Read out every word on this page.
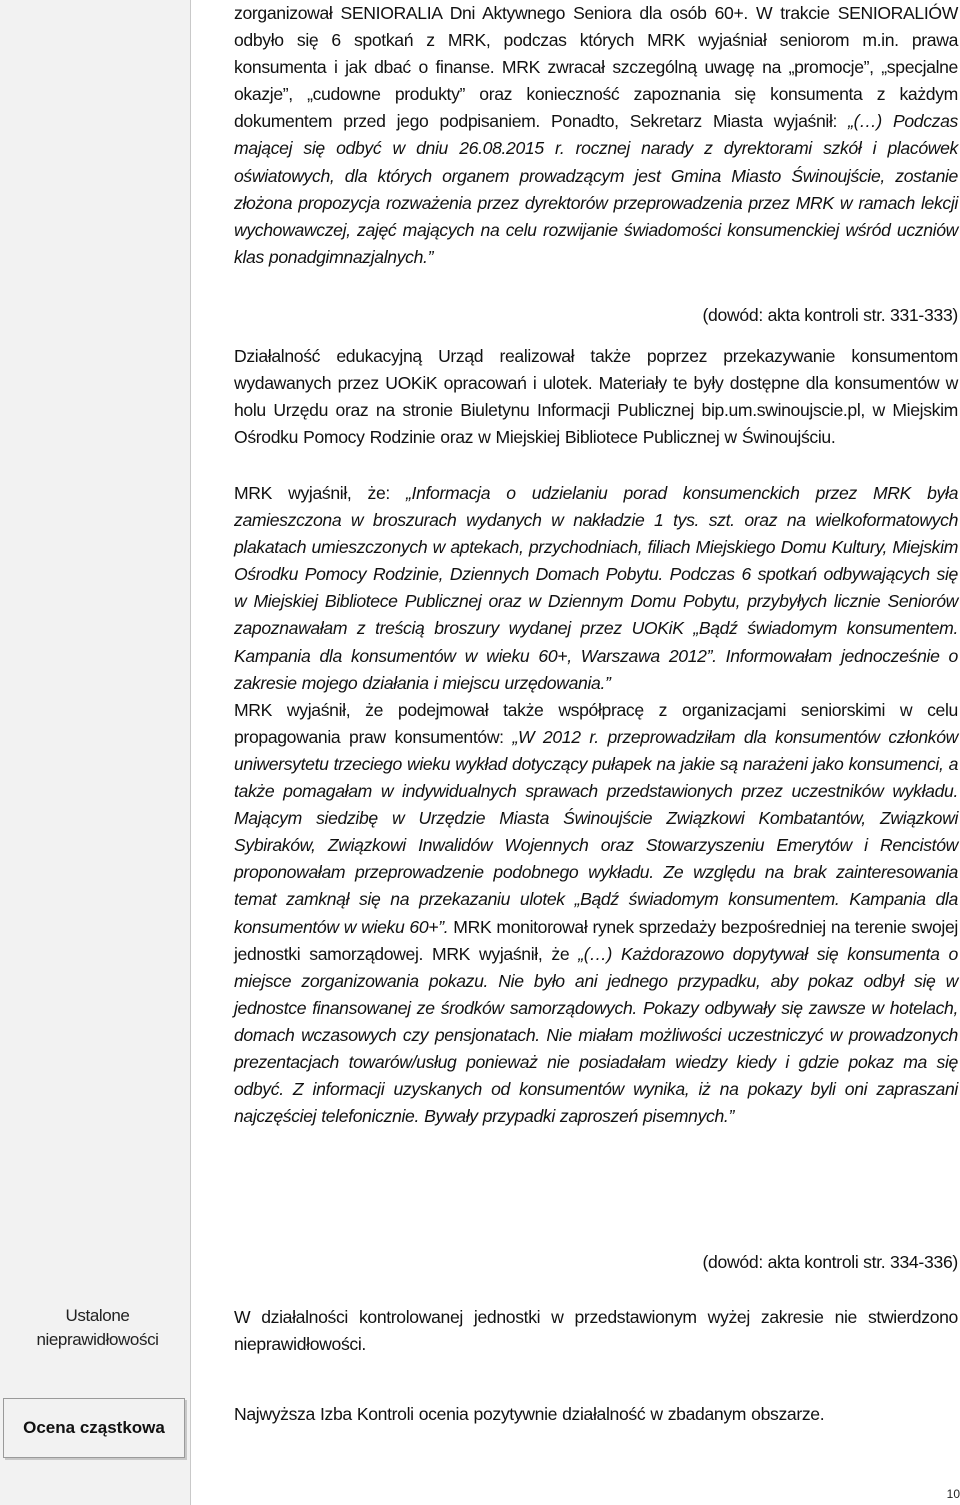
zorganizował SENIORALIA Dni Aktywnego Seniora dla osób 60+. W trakcie SENIORALIÓW odbyło się 6 spotkań z MRK, podczas których MRK wyjaśniał seniorom m.in. prawa konsumenta i jak dbać o finanse. MRK zwracał szczególną uwagę na „promocje”, „specjalne okazje”, „cudowne produkty” oraz konieczność zapoznania się konsumenta z każdym dokumentem przed jego podpisaniem. Ponadto, Sekretarz Miasta wyjaśnił: „(…) Podczas mającej się odbyć w dniu 26.08.2015 r. rocznej narady z dyrektorami szkół i placówek oświatowych, dla których organem prowadzącym jest Gmina Miasto Świnoujście, zostanie złożona propozycja rozważenia przez dyrektorów przeprowadzenia przez MRK w ramach lekcji wychowawczej, zajęć mających na celu rozwijanie świadomości konsumenckiej wśród uczniów klas ponadgimnazjalnych.”
(dowód: akta kontroli str. 331-333)
Działalność edukacyjną Urząd realizował także poprzez przekazywanie konsumentom wydawanych przez UOKiK opracowań i ulotek. Materiały te były dostępne dla konsumentów w holu Urzędu oraz na stronie Biuletynu Informacji Publicznej bip.um.swinoujscie.pl, w Miejskim Ośrodku Pomocy Rodzinie oraz w Miejskiej Bibliotece Publicznej w Świnoujściu.
MRK wyjaśnił, że: „Informacja o udzielaniu porad konsumenckich przez MRK była zamieszczona w broszurach wydanych w nakładzie 1 tys. szt. oraz na wielkoformatowych plakatach umieszczonych w aptekach, przychodniach, filiach Miejskiego Domu Kultury, Miejskim Ośrodku Pomocy Rodzinie, Dziennych Domach Pobytu. Podczas 6 spotkań odbywających się w Miejskiej Bibliotece Publicznej oraz w Dziennym Domu Pobytu, przybyłych licznie Seniorów zapoznawałam z treścią broszury wydanej przez UOKiK „Bądź świadomym konsumentem. Kampania dla konsumentów w wieku 60+, Warszawa 2012”. Informowałam jednocześnie o zakresie mojego działania i miejscu urzędowania.”
MRK wyjaśnił, że podejmował także współpracę z organizacjami seniorskimi w celu propagowania praw konsumentów: „W 2012 r. przeprowadziłam dla konsumentów członków uniwersytetu trzeciego wieku wykład dotyczący pułapek na jakie są narażeni jako konsumenci, a także pomagałam w indywidualnych sprawach przedstawionych przez uczestników wykładu. Mającym siedzibę w Urzędzie Miasta Świnoujście Związkowi Kombatantów, Związkowi Sybiraków, Związkowi Inwalidów Wojennych oraz Stowarzyszeniu Emerytów i Rencistów proponowałam przeprowadzenie podobnego wykładu. Ze względu na brak zainteresowania temat zamknął się na przekazaniu ulotek „Bądź świadomym konsumentem. Kampania dla konsumentów w wieku 60+”. MRK monitorował rynek sprzedaży bezpośredniej na terenie swojej jednostki samorządowej. MRK wyjaśnił, że „(…) Każdorazowo dopytywał się konsumenta o miejsce zorganizowania pokazu. Nie było ani jednego przypadku, aby pokaz odbył się w jednostce finansowanej ze środków samorządowych. Pokazy odbywały się zawsze w hotelach, domach wczasowych czy pensjonatach. Nie miałam możliwości uczestniczyć w prowadzonych prezentacjach towarów/usług ponieważ nie posiadałam wiedzy kiedy i gdzie pokaz ma się odbyć. Z informacji uzyskanych od konsumentów wynika, iż na pokazy byli oni zapraszani najczęściej telefonicznie. Bywały przypadki zaproszeń pisemnych.”
(dowód: akta kontroli str. 334-336)
Ustalone nieprawidłowości
W działalności kontrolowanej jednostki w przedstawionym wyżej zakresie nie stwierdzono nieprawidłowości.
Ocena cząstkowa
Najwyższa Izba Kontroli ocenia pozytywnie działalność w zbadanym obszarze.
10
